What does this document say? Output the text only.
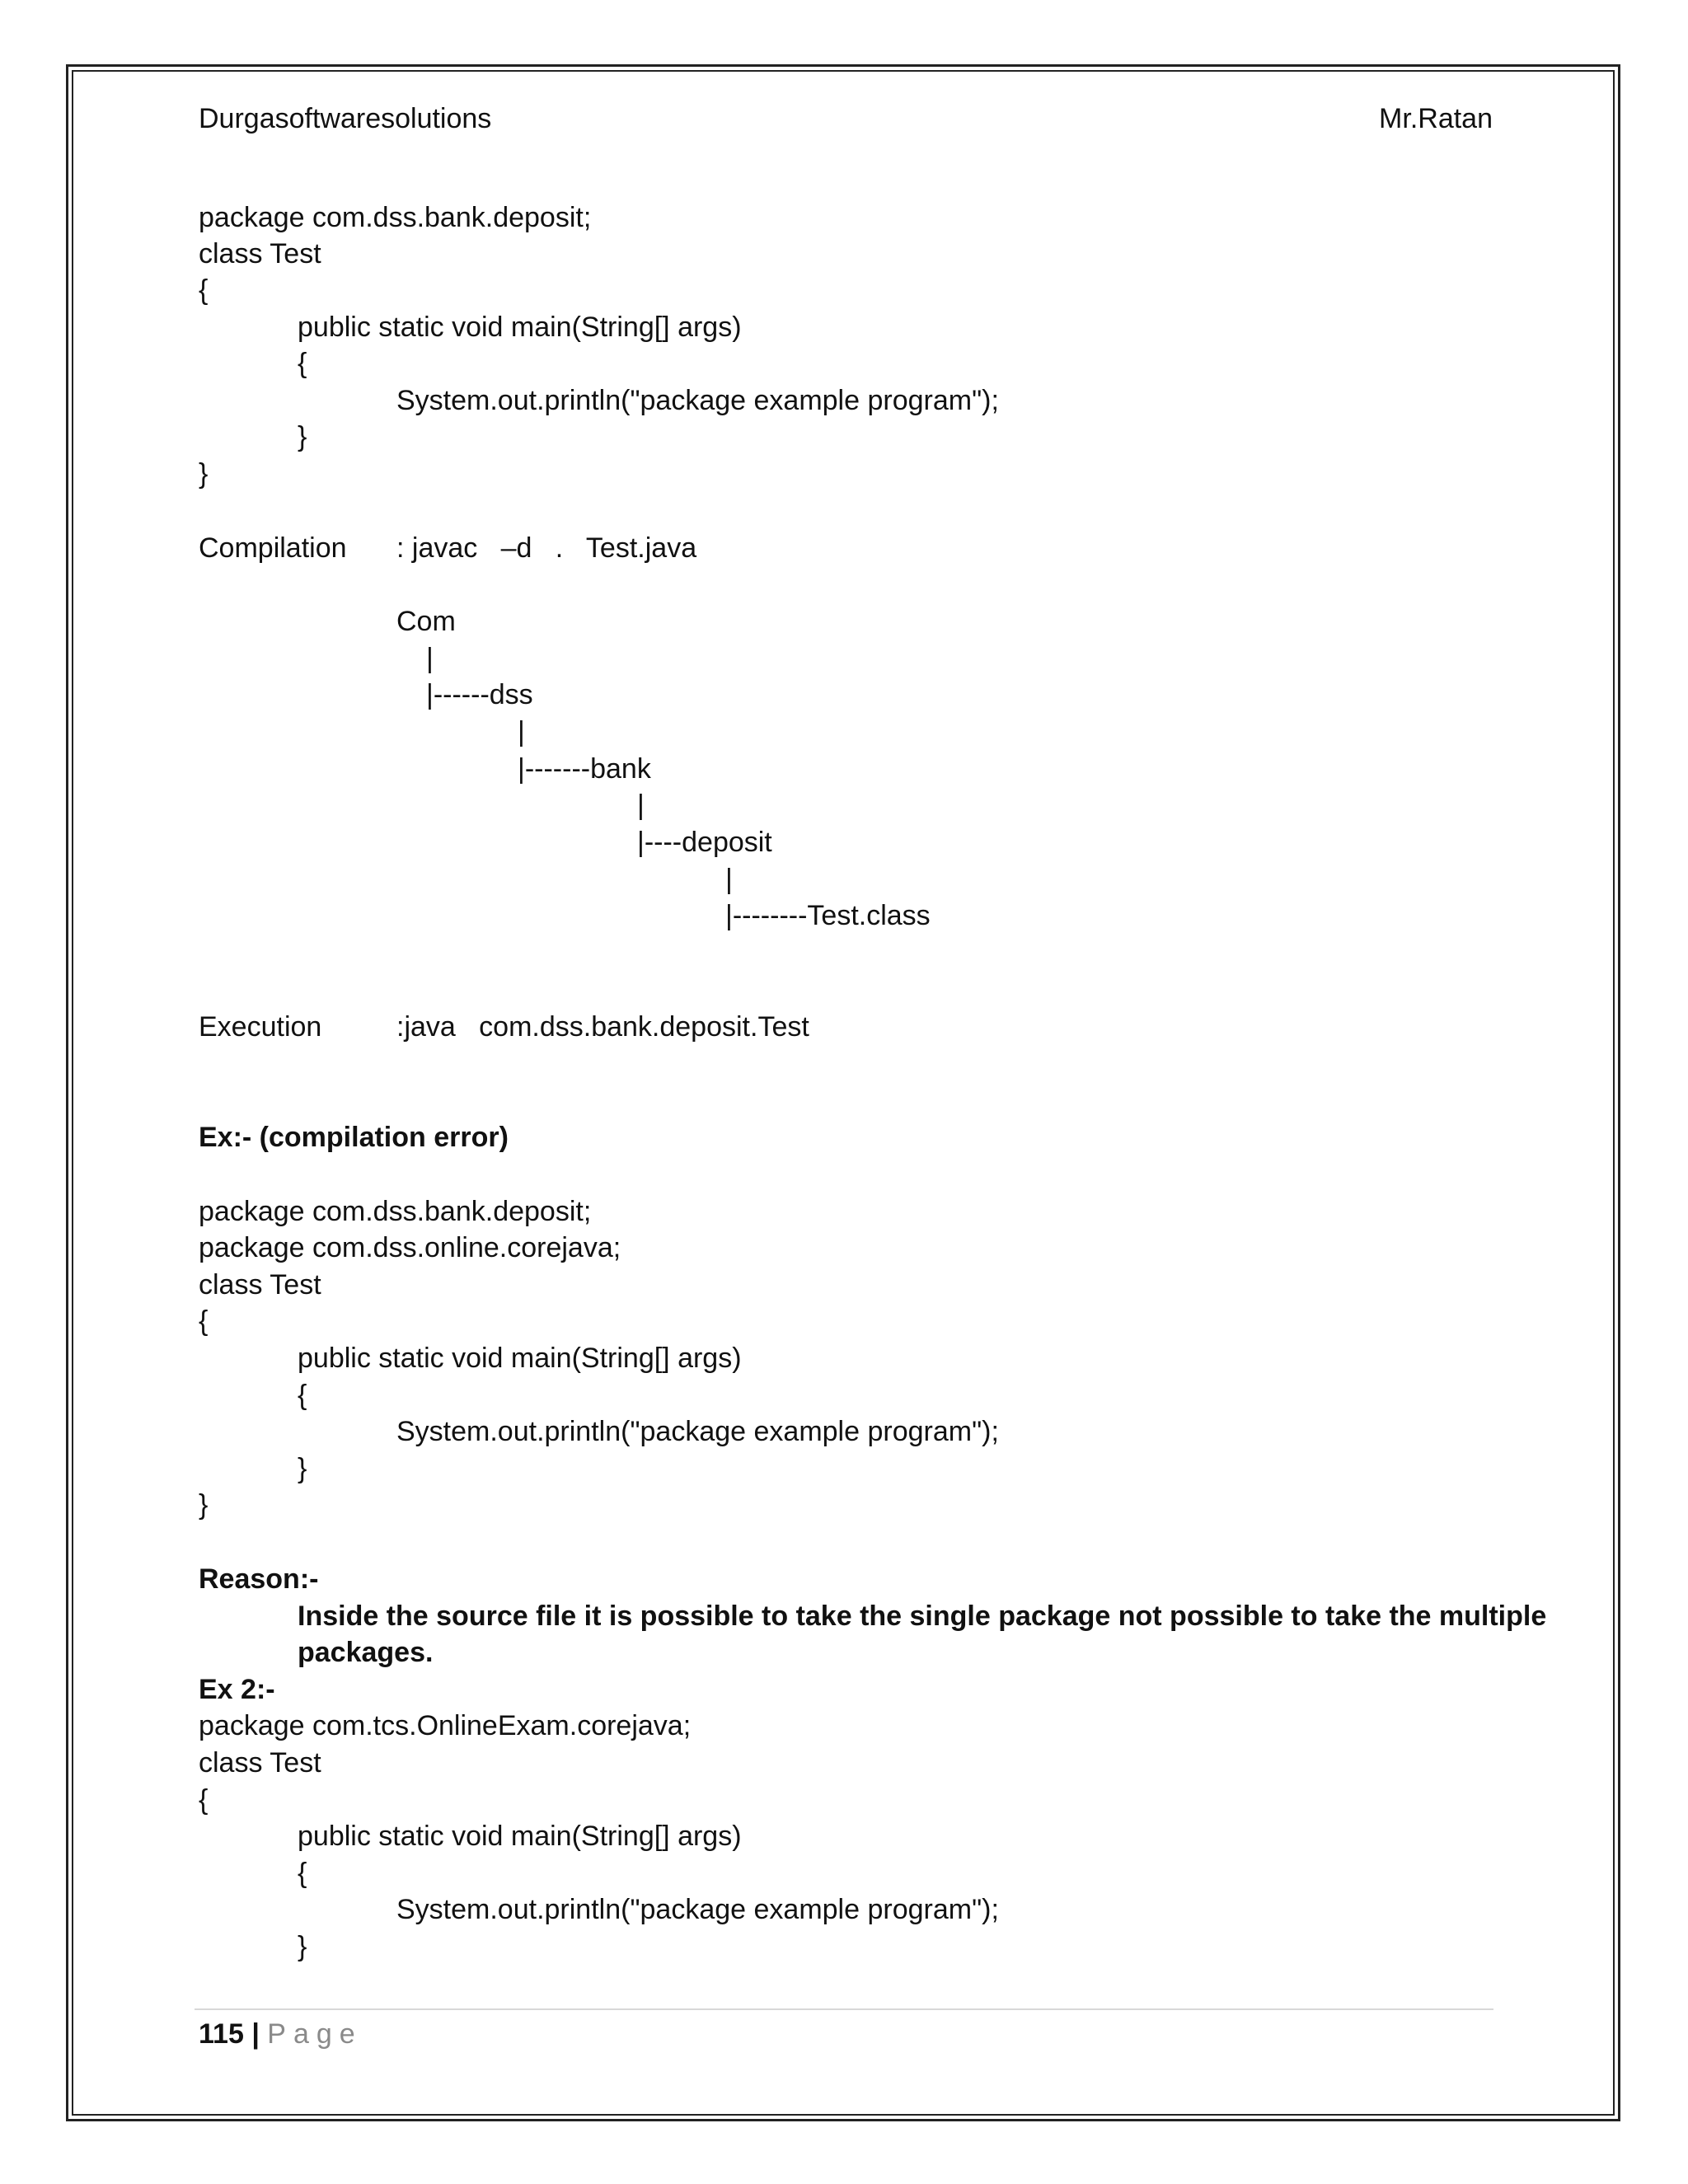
Durgasoftwaresolutions	Mr.Ratan
package com.dss.bank.deposit;
class Test
{
public static void main(String[] args)
{
System.out.println("package example program");
}
}
Compilation : javac   –d   .   Test.java
Com
|
|------dss
|
|-------bank
|
|----deposit
|
|--------Test.class
Execution	:java   com.dss.bank.deposit.Test
Ex:- (compilation error)
package com.dss.bank.deposit;
package com.dss.online.corejava;
class Test
{
public static void main(String[] args)
{
System.out.println("package example program");
}
}
Reason:-
Inside the source file it is possible to take the single package not possible to take the multiple
packages.
Ex 2:-
package com.tcs.OnlineExam.corejava;
class Test
{
public static void main(String[] args)
{
System.out.println("package example program");
}
115 | Page
